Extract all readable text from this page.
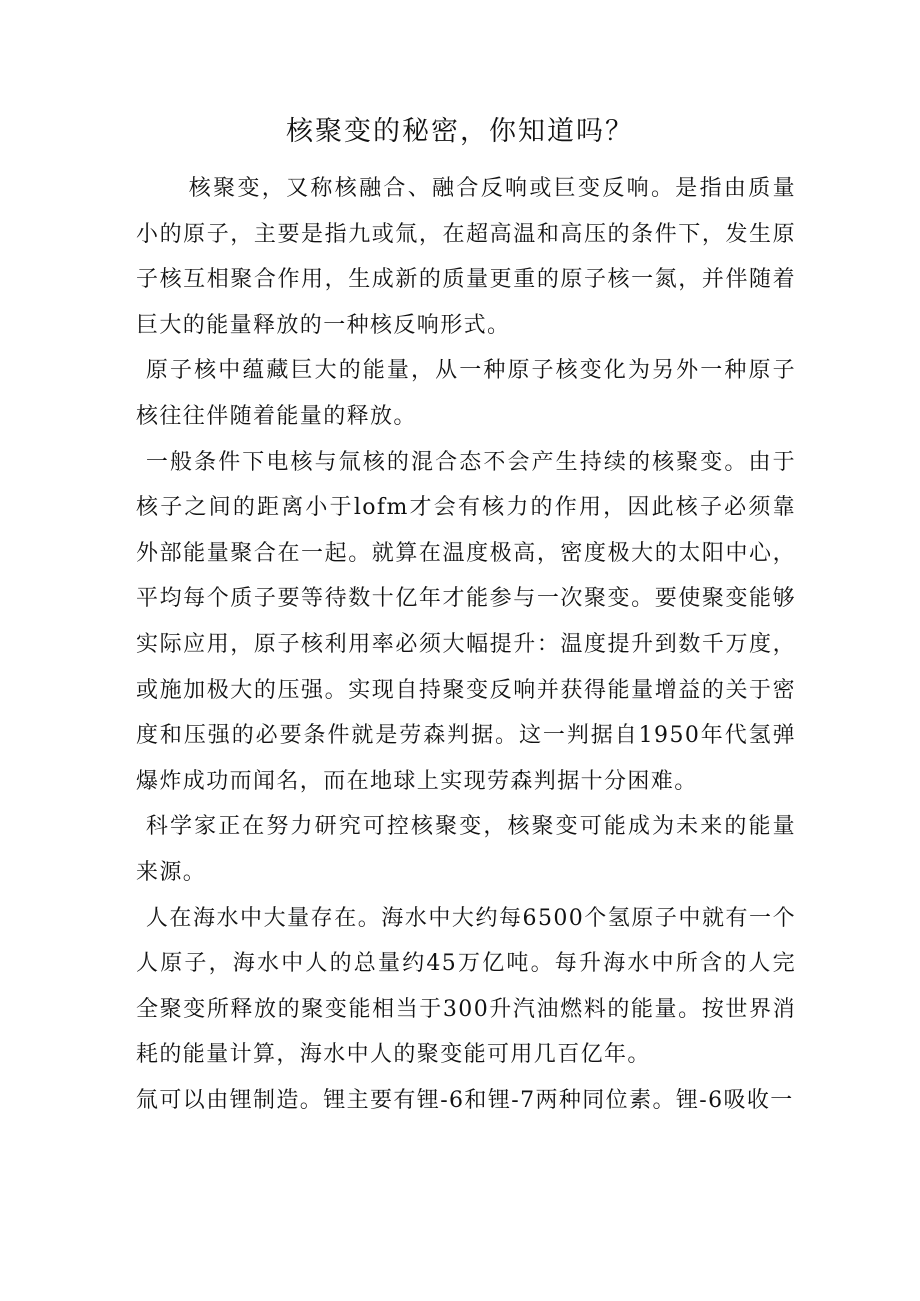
核聚变的秘密，你知道吗？

核聚变，又称核融合、融合反响或巨变反响。是指由质量小的原子，主要是指九或氚，在超高温和高压的条件下，发生原子核互相聚合作用，生成新的质量更重的原子核一氮，并伴随着巨大的能量释放的一种核反响形式。

原子核中蕴藏巨大的能量，从一种原子核变化为另外一种原子核往往伴随着能量的释放。

一般条件下电核与氚核的混合态不会产生持续的核聚变。由于核子之间的距离小于lofm才会有核力的作用，因此核子必须靠外部能量聚合在一起。就算在温度极高，密度极大的太阳中心，平均每个质子要等待数十亿年才能参与一次聚变。要使聚变能够实际应用，原子核利用率必须大幅提升：温度提升到数千万度，或施加极大的压强。实现自持聚变反响并获得能量增益的关于密度和压强的必要条件就是劳森判据。这一判据自1950年代氢弹爆炸成功而闻名，而在地球上实现劳森判据十分困难。

科学家正在努力研究可控核聚变，核聚变可能成为未来的能量来源。

人在海水中大量存在。海水中大约每6500个氢原子中就有一个人原子，海水中人的总量约45万亿吨。每升海水中所含的人完全聚变所释放的聚变能相当于300升汽油燃料的能量。按世界消耗的能量计算，海水中人的聚变能可用几百亿年。

氚可以由锂制造。锂主要有锂-6和锂-7两种同位素。锂-6吸收一
